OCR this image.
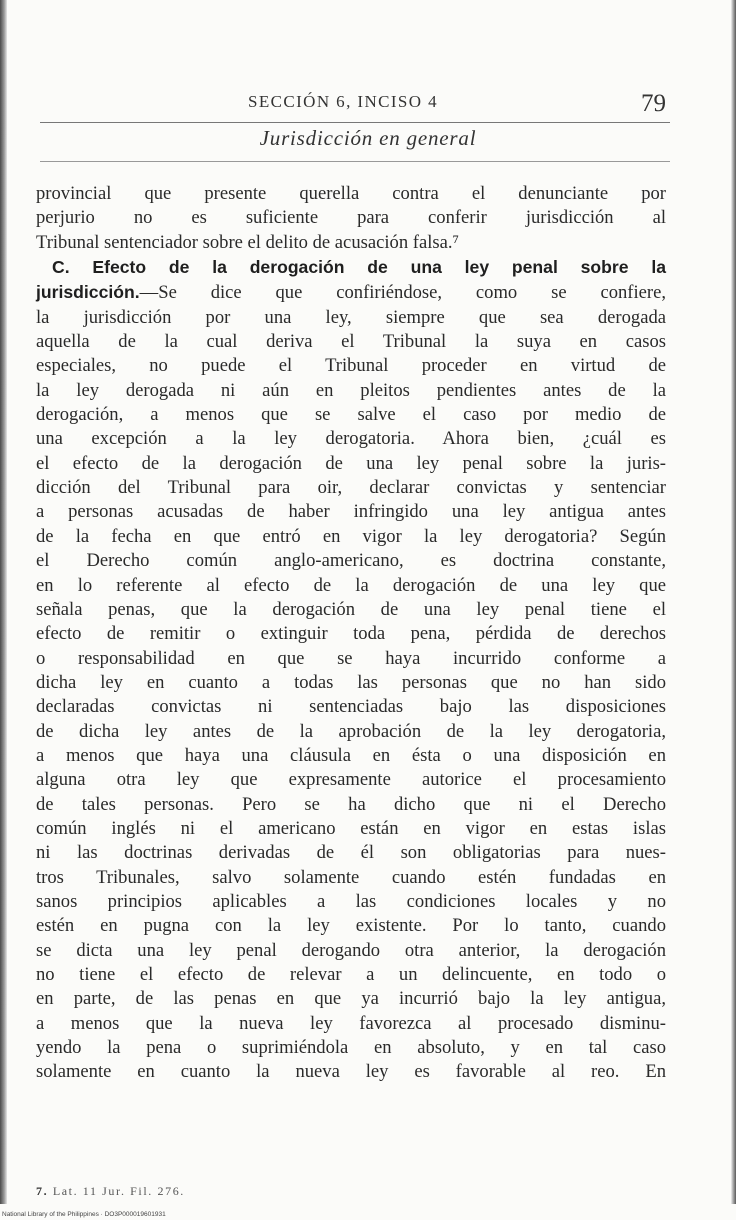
SECCIÓN 6, INCISO 4	79
Jurisdicción en general
provincial que presente querella contra el denunciante por
perjurio no es suficiente para conferir jurisdicción al
Tribunal sentenciador sobre el delito de acusación falsa.⁷
C. Efecto de la derogación de una ley penal sobre la
jurisdicción.—Se dice que confiriéndose, como se confiere,
la jurisdicción por una ley, siempre que sea derogada
aquella de la cual deriva el Tribunal la suya en casos
especiales, no puede el Tribunal proceder en virtud de
la ley derogada ni aún en pleitos pendientes antes de la
derogación, a menos que se salve el caso por medio de
una excepción a la ley derogatoria. Ahora bien, ¿cuál es
el efecto de la derogación de una ley penal sobre la juris-
dicción del Tribunal para oir, declarar convictas y sentenciar
a personas acusadas de haber infringido una ley antigua antes
de la fecha en que entró en vigor la ley derogatoria? Según
el Derecho común anglo-americano, es doctrina constante,
en lo referente al efecto de la derogación de una ley que
señala penas, que la derogación de una ley penal tiene el
efecto de remitir o extinguir toda pena, pérdida de derechos
o responsabilidad en que se haya incurrido conforme a
dicha ley en cuanto a todas las personas que no han sido
declaradas convictas ni sentenciadas bajo las disposiciones
de dicha ley antes de la aprobación de la ley derogatoria,
a menos que haya una cláusula en ésta o una disposición en
alguna otra ley que expresamente autorice el procesamiento
de tales personas. Pero se ha dicho que ni el Derecho
común inglés ni el americano están en vigor en estas islas
ni las doctrinas derivadas de él son obligatorias para nues-
tros Tribunales, salvo solamente cuando estén fundadas en
sanos principios aplicables a las condiciones locales y no
estén en pugna con la ley existente. Por lo tanto, cuando
se dicta una ley penal derogando otra anterior, la derogación
no tiene el efecto de relevar a un delincuente, en todo o
en parte, de las penas en que ya incurrió bajo la ley antigua,
a menos que la nueva ley favorezca al procesado disminu-
yendo la pena o suprimiéndola en absoluto, y en tal caso
solamente en cuanto la nueva ley es favorable al reo. En
7. Lat. 11 Jur. Fil. 276.
National Library of the Philippines · DO3P000019601931
